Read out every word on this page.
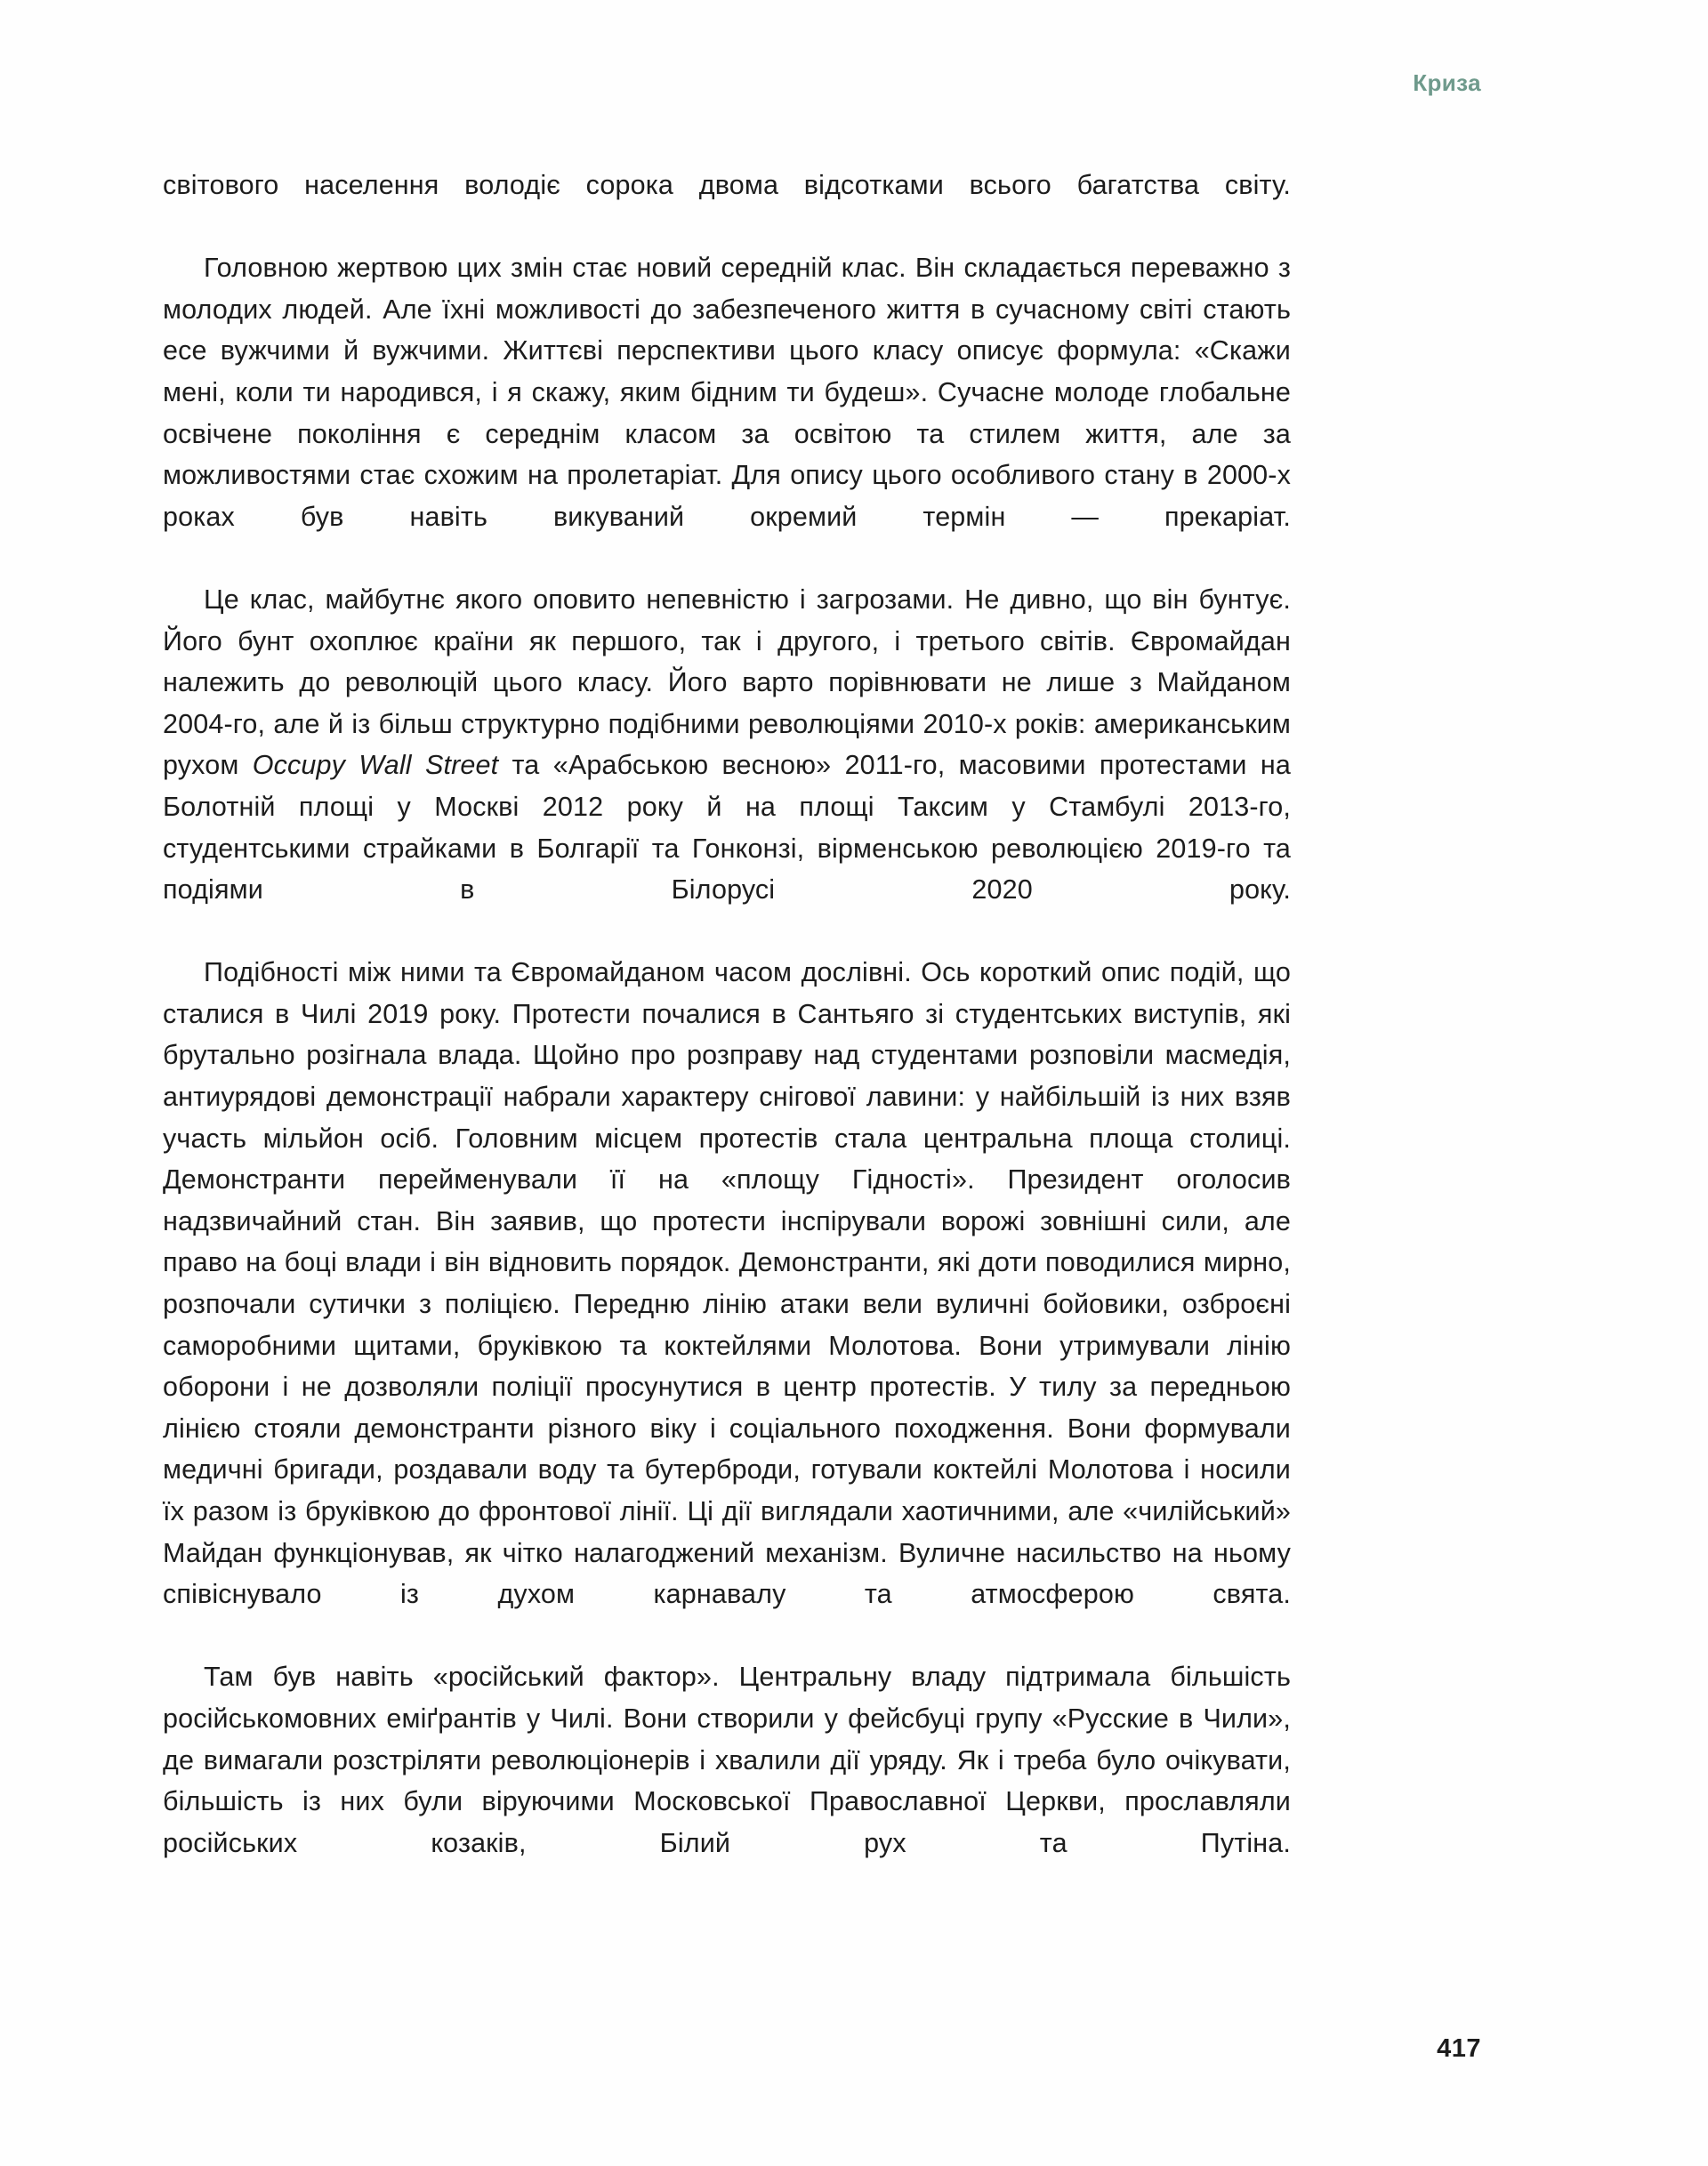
Криза

світового населення володіє сорока двома відсотками всього багатства світу.

Головною жертвою цих змін стає новий середній клас. Він складається переважно з молодих людей. Але їхні можливості до забезпеченого життя в сучасному світі стають есе вужчими й вужчими. Життєві перспективи цього класу описує формула: «Скажи мені, коли ти народився, і я скажу, яким бідним ти будеш». Сучасне молоде глобальне освічене покоління є середнім класом за освітою та стилем життя, але за можливостями стає схожим на пролетаріат. Для опису цього особливого стану в 2000-х роках був навіть викуваний окремий термін — прекаріат.

Це клас, майбутнє якого оповито непевністю і загрозами. Не дивно, що він бунтує. Його бунт охоплює країни як першого, так і другого, і третього світів. Євромайдан належить до революцій цього класу. Його варто порівнювати не лише з Майданом 2004-го, але й із більш структурно подібними революціями 2010-х років: американським рухом Occupy Wall Street та «Арабською весною» 2011-го, масовими протестами на Болотній площі у Москві 2012 року й на площі Таксим у Стамбулі 2013-го, студентськими страйками в Болгарії та Гонконзі, вірменською революцією 2019-го та подіями в Білорусі 2020 року.

Подібності між ними та Євромайданом часом дослівні. Ось короткий опис подій, що сталися в Чилі 2019 року. Протести почалися в Сантьяго зі студентських виступів, які брутально розігнала влада. Щойно про розправу над студентами розповіли масмедія, антиурядові демонстрації набрали характеру снігової лавини: у найбільшій із них взяв участь мільйон осіб. Головним місцем протестів стала центральна площа столиці. Демонстранти перейменували її на «площу Гідності». Президент оголосив надзвичайний стан. Він заявив, що протести інспірували ворожі зовнішні сили, але право на боці влади і він відновить порядок. Демонстранти, які доти поводилися мирно, розпочали сутички з поліцією. Передню лінію атаки вели вуличні бойовики, озброєні саморобними щитами, бруківкою та коктейлями Молотова. Вони утримували лінію оборони і не дозволяли поліції просунутися в центр протестів. У тилу за передньою лінією стояли демонстранти різного віку і соціального походження. Вони формували медичні бригади, роздавали воду та бутерброди, готували коктейлі Молотова і носили їх разом із бруківкою до фронтової лінії. Ці дії виглядали хаотичними, але «чилійський» Майдан функціонував, як чітко налагоджений механізм. Вуличне насильство на ньому співіснувало із духом карнавалу та атмосферою свята.

Там був навіть «російський фактор». Центральну владу підтримала більшість російськомовних еміґрантів у Чилі. Вони створили у фейсбуці групу «Русские в Чили», де вимагали розстріляти революціонерів і хвалили дії уряду. Як і треба було очікувати, більшість із них були віруючими Московської Православної Церкви, прославляли російських козаків, Білий рух та Путіна.

417
